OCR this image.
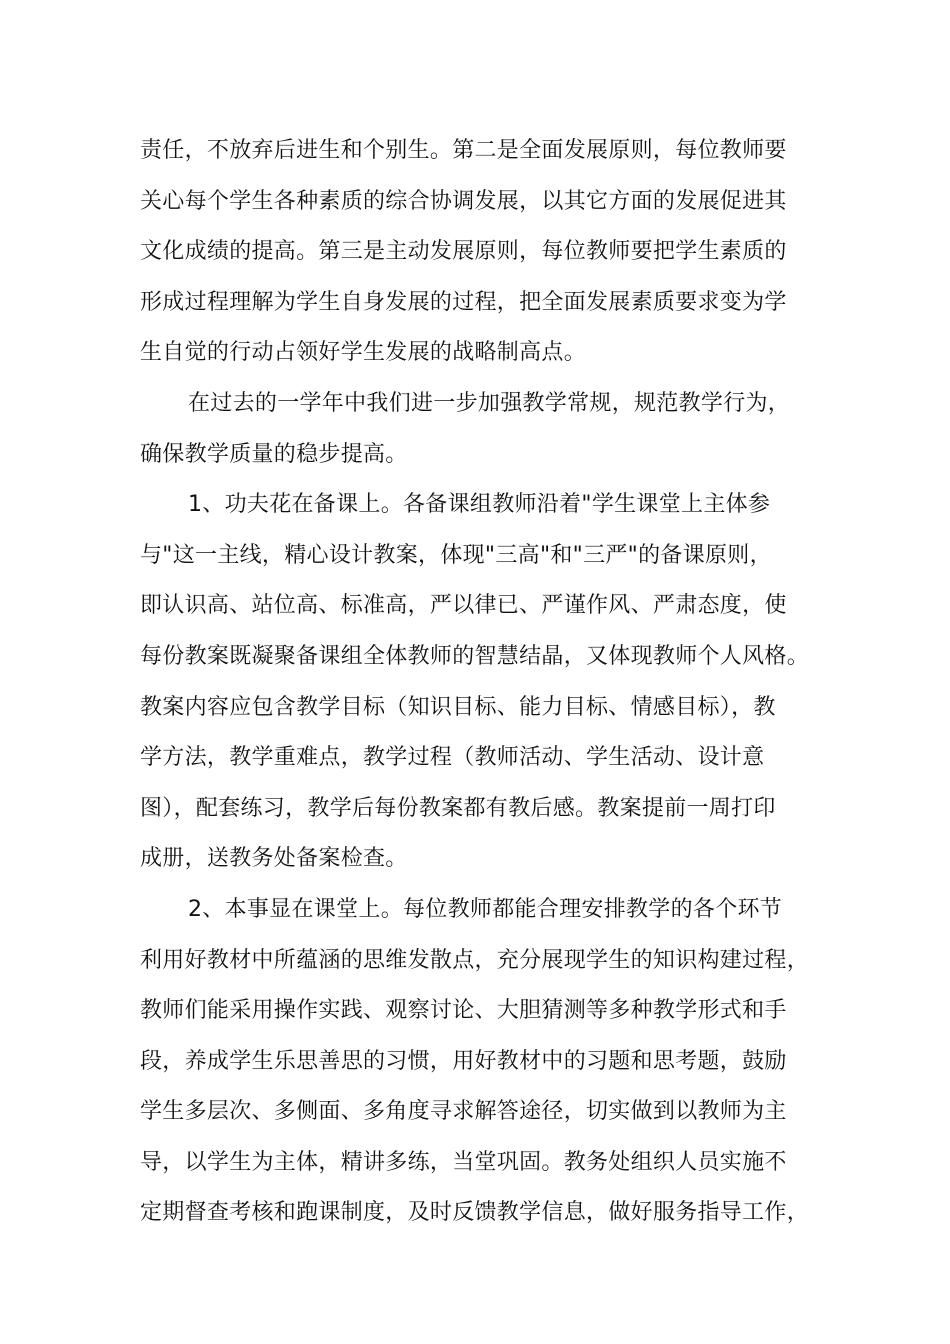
责任，不放弃后进生和个别生。第二是全面发展原则，每位教师要
关心每个学生各种素质的综合协调发展，以其它方面的发展促进其
文化成绩的提高。第三是主动发展原则，每位教师要把学生素质的
形成过程理解为学生自身发展的过程，把全面发展素质要求变为学
生自觉的行动占领好学生发展的战略制高点。
在过去的一学年中我们进一步加强教学常规，规范教学行为，
确保教学质量的稳步提高。
1、功夫花在备课上。各备课组教师沿着"学生课堂上主体参
与"这一主线，精心设计教案，体现"三高"和"三严"的备课原则，
即认识高、站位高、标准高，严以律已、严谨作风、严肃态度，使
每份教案既凝聚备课组全体教师的智慧结晶，又体现教师个人风格。
教案内容应包含教学目标（知识目标、能力目标、情感目标），教
学方法，教学重难点，教学过程（教师活动、学生活动、设计意
图），配套练习，教学后每份教案都有教后感。教案提前一周打印
成册，送教务处备案检查。
2、本事显在课堂上。每位教师都能合理安排教学的各个环节
利用好教材中所蕴涵的思维发散点，充分展现学生的知识构建过程，
教师们能采用操作实践、观察讨论、大胆猜测等多种教学形式和手
段，养成学生乐思善思的习惯，用好教材中的习题和思考题，鼓励
学生多层次、多侧面、多角度寻求解答途径，切实做到以教师为主
导，以学生为主体，精讲多练，当堂巩固。教务处组织人员实施不
定期督查考核和跑课制度，及时反馈教学信息，做好服务指导工作，
